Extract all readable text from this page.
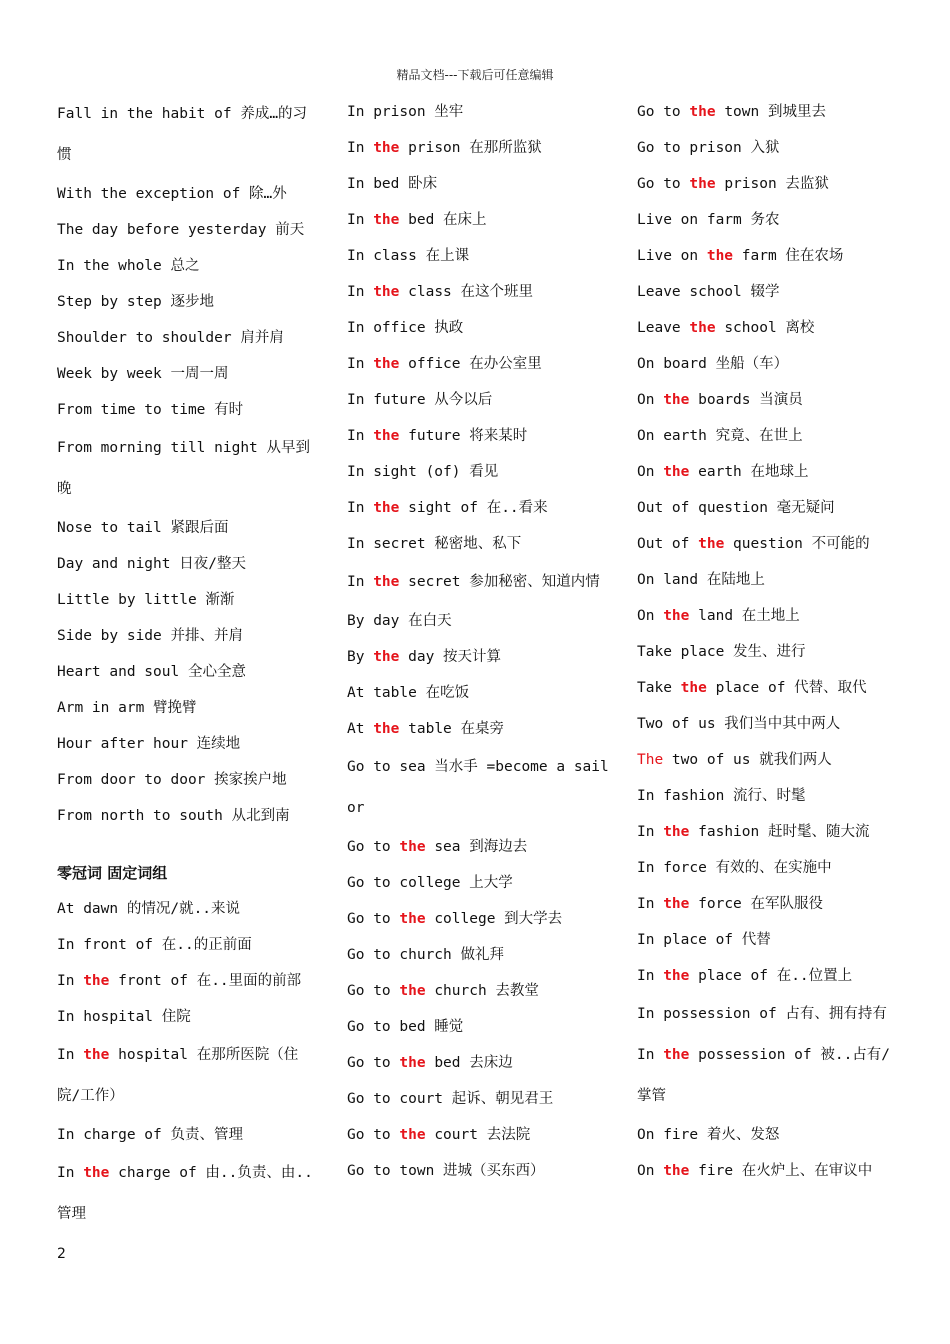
精品文档---下载后可任意编辑
Fall in the habit of 养成…的习惯
With the exception of 除…外
The day before yesterday 前天
In the whole 总之
Step by step 逐步地
Shoulder to shoulder 肩并肩
Week by week 一周一周
From time to time 有时
From morning till night 从早到晚
Nose to tail 紧跟后面
Day and night 日夜/整天
Little by little 渐渐
Side by side 并排、并肩
Heart and soul 全心全意
Arm in arm 臂挽臂
Hour after hour 连续地
From door to door 挨家挨户地
From north to south 从北到南
零冠词 固定词组
At dawn 的情况/就..来说
In front of 在..的正前面
In the front of 在..里面的前部
In hospital 住院
In the hospital 在那所医院（住院/工作）
In charge of 负责、管理
In the charge of 由..负责、由..管理
In prison 坐牢
In the prison 在那所监狱
In bed 卧床
In the bed 在床上
In class 在上课
In the class 在这个班里
In office 执政
In the office 在办公室里
In future 从今以后
In the future 将来某时
In sight (of) 看见
In the sight of 在..看来
In secret 秘密地、私下
In the secret 参加秘密、知道内情
By day 在白天
By the day 按天计算
At table 在吃饭
At the table 在桌旁
Go to sea 当水手 =become a sailor
Go to the sea 到海边去
Go to college 上大学
Go to the college 到大学去
Go to church 做礼拜
Go to the church 去教堂
Go to bed 睡觉
Go to the bed 去床边
Go to court 起诉、朝见君王
Go to the court 去法院
Go to town 进城（买东西）
Go to the town 到城里去
Go to prison 入狱
Go to the prison 去监狱
Live on farm 务农
Live on the farm 住在农场
Leave school 辍学
Leave the school 离校
On board 坐船（车）
On the boards 当演员
On earth 究竟、在世上
On the earth 在地球上
Out of question 毫无疑问
Out of the question 不可能的
On land 在陆地上
On the land 在土地上
Take place 发生、进行
Take the place of 代替、取代
Two of us 我们当中其中两人
The two of us 就我们两人
In fashion 流行、时髦
In the fashion 赶时髦、随大流
In force 有效的、在实施中
In the force 在军队服役
In place of 代替
In the place of 在..位置上
In possession of 占有、拥有持有
In the possession of 被..占有/掌管
On fire 着火、发怒
On the fire 在火炉上、在审议中
2
